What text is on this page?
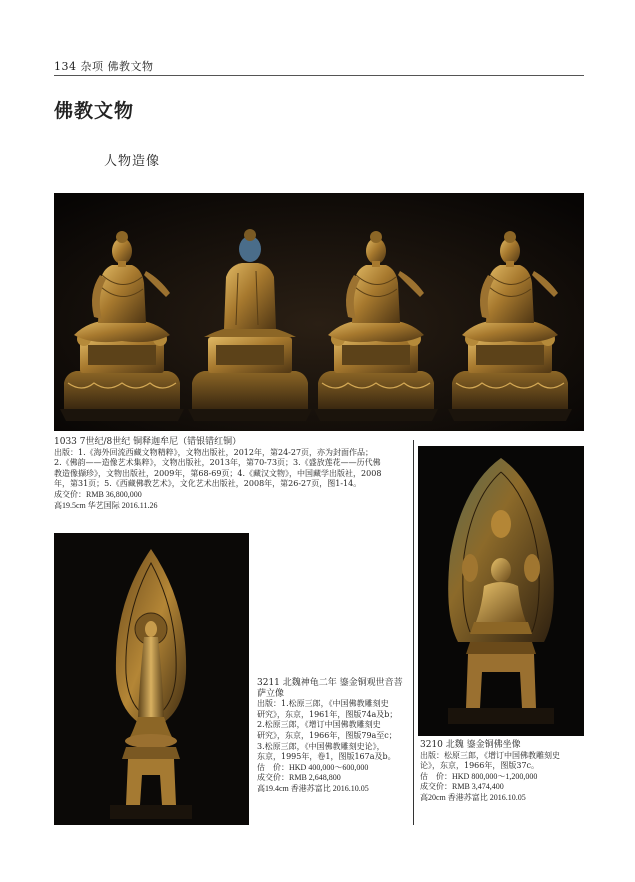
134 杂项 佛教文物
佛教文物
人物造像

1033 7世纪/8世纪 铜释迦牟尼（错银错红铜）

出版：1.《海外回流西藏文物精粹》，文物出版社，2012年，第24-27页，亦为封面作品；

2.《佛韵——造像艺术集粹》，文物出版社，2013年，第70-73页；3.《盛放莲花——历代佛

教造像撷珍》，文物出版社，2009年，第68-69页；4.《藏汉文物》，中国藏学出版社，2008

年，第31页；5.《西藏佛教艺术》，文化艺术出版社，2008年，第26-27页，图1-14。

成交价：RMB 36,800,000

高19.5cm 华艺国际 2016.11.26

3211 北魏神龟二年 鎏金铜观世音菩萨立像

出版：1.松原三郎，《中国佛教雕刻史

研究》，东京，1961年，图版74a及b；

2.松原三郎，《增订中国佛教雕刻史

研究》，东京，1966年，图版79a至c；

3.松原三郎，《中国佛教雕刻史论》，

东京，1995年，卷1，图版167a及b。

估　价：HKD 400,000～600,000

成交价：RMB 2,648,800

高19.4cm 香港苏富比 2016.10.05

3210 北魏 鎏金铜佛坐像

出版：松原三郎，《增订中国佛教雕刻史

论》，东京，1966年，图版37c。

估　价：HKD 800,000～1,200,000

成交价：RMB 3,474,400

高20cm 香港苏富比 2016.10.05
